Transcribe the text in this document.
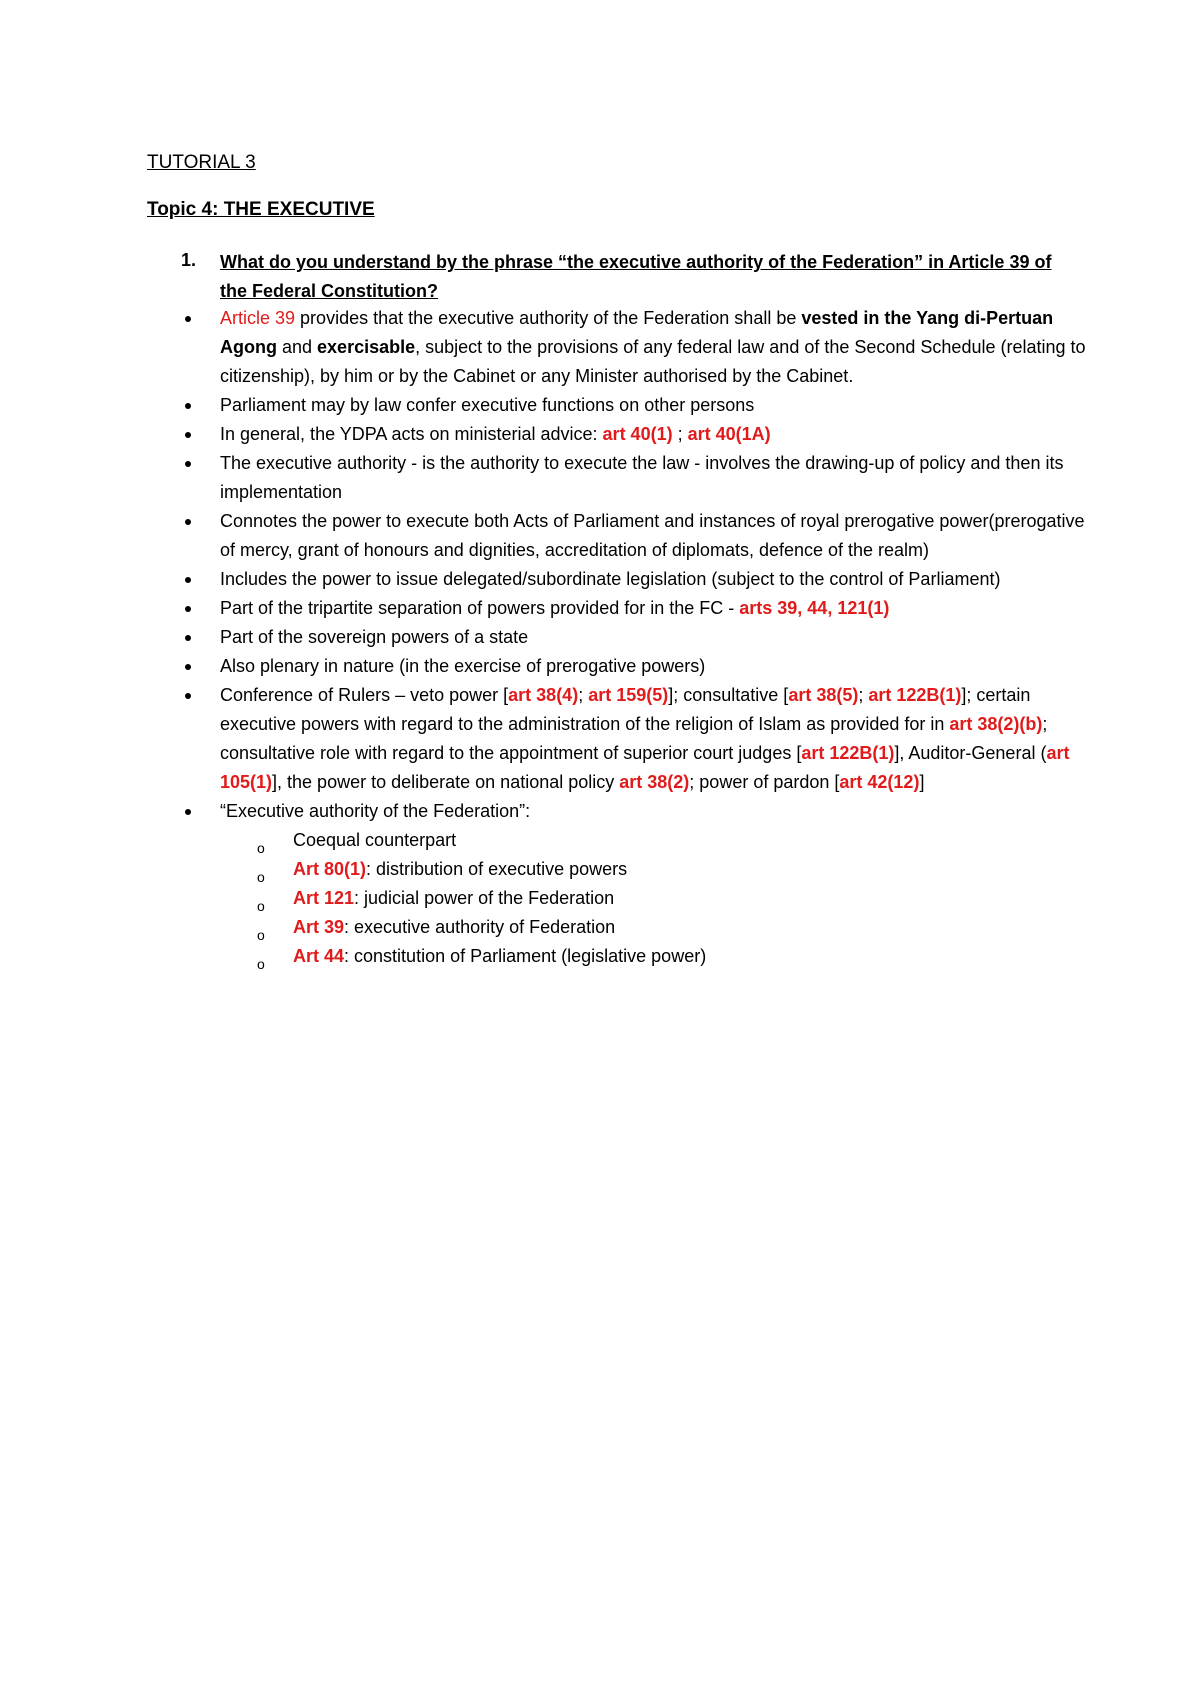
TUTORIAL 3
Topic 4: THE EXECUTIVE
1. What do you understand by the phrase “the executive authority of the Federation” in Article 39 of the Federal Constitution?
Article 39 provides that the executive authority of the Federation shall be vested in the Yang di-Pertuan Agong and exercisable, subject to the provisions of any federal law and of the Second Schedule (relating to citizenship), by him or by the Cabinet or any Minister authorised by the Cabinet.
Parliament may by law confer executive functions on other persons
In general, the YDPA acts on ministerial advice: art 40(1) ; art 40(1A)
The executive authority - is the authority to execute the law - involves the drawing-up of policy and then its implementation
Connotes the power to execute both Acts of Parliament and instances of royal prerogative power(prerogative of mercy, grant of honours and dignities, accreditation of diplomats, defence of the realm)
Includes the power to issue delegated/subordinate legislation (subject to the control of Parliament)
Part of the tripartite separation of powers provided for in the FC - arts 39, 44, 121(1)
Part of the sovereign powers of a state
Also plenary in nature (in the exercise of prerogative powers)
Conference of Rulers – veto power [art 38(4); art 159(5)]; consultative [art 38(5); art 122B(1)]; certain executive powers with regard to the administration of the religion of Islam as provided for in art 38(2)(b); consultative role with regard to the appointment of superior court judges [art 122B(1)], Auditor-General (art 105(1)], the power to deliberate on national policy art 38(2); power of pardon [art 42(12)]
“Executive authority of the Federation”:
o Coequal counterpart
o Art 80(1): distribution of executive powers
o Art 121: judicial power of the Federation
o Art 39: executive authority of Federation
o Art 44: constitution of Parliament (legislative power)
